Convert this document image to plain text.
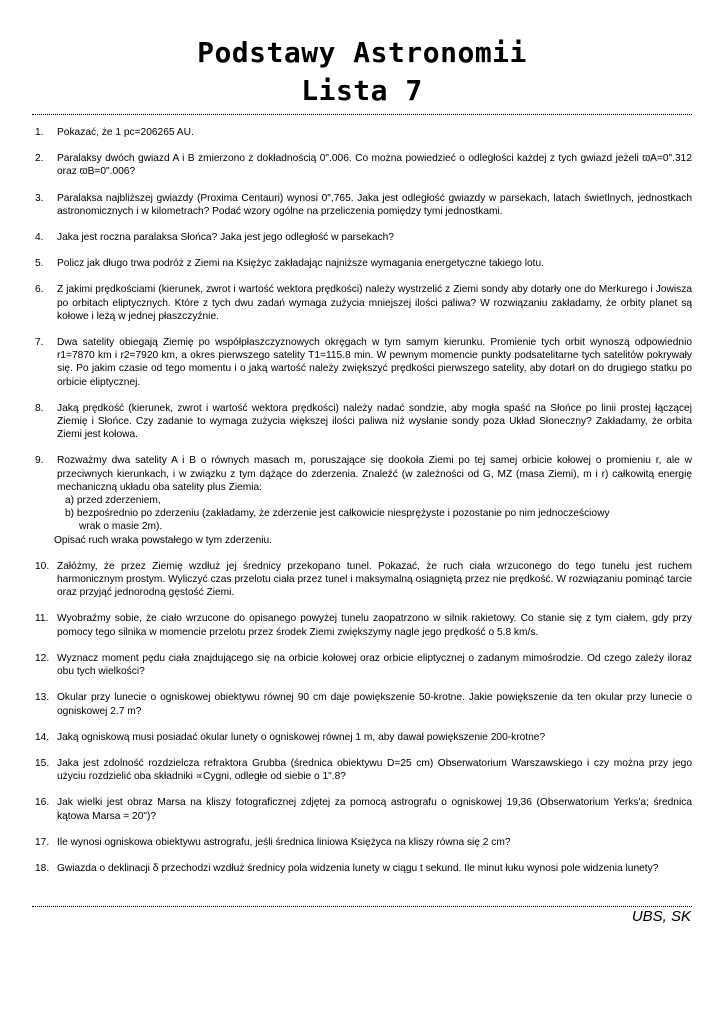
Podstawy Astronomii
Lista 7
1. Pokazać, że 1 pc=206265 AU.
2. Paralaksy dwóch gwiazd A i B zmierzono z dokładnością 0".006. Co można powiedzieć o odległości każdej z tych gwiazd jeżeli ϖA=0".312 oraz ϖB=0".006?
3. Paralaksa najbliższej gwiazdy (Proxima Centauri) wynosi 0",765. Jaka jest odległość gwiazdy w parsekach, latach świetlnych, jednostkach astronomicznych i w kilometrach? Podać wzory ogólne na przeliczenia pomiędzy tymi jednostkami.
4. Jaka jest roczna paralaksa Słońca? Jaka jest jego odległość w parsekach?
5. Policz jak długo trwa podróż z Ziemi na Księżyc zakładając najniższe wymagania energetyczne takiego lotu.
6. Z jakimi prędkościami (kierunek, zwrot i wartość wektora prędkości) należy wystrzelić z Ziemi sondy aby dotarły one do Merkurego i Jowisza po orbitach eliptycznych. Które z tych dwu zadań wymaga zużycia mniejszej ilości paliwa? W rozwiązaniu zakładamy, że orbity planet są kołowe i leżą w jednej płaszczyźnie.
7. Dwa satelity obiegają Ziemię po współpłaszczyznowych okręgach w tym samym kierunku. Promienie tych orbit wynoszą odpowiednio r1=7870 km i r2=7920 km, a okres pierwszego satelity T1=115.8 min. W pewnym momencie punkty podsatelitarne tych satelitów pokrywały się. Po jakim czasie od tego momentu i o jaką wartość należy zwiększyć prędkości pierwszego satelity, aby dotarł on do drugiego statku po orbicie eliptycznej.
8. Jaką prędkość (kierunek, zwrot i wartość wektora prędkości) należy nadać sondzie, aby mogła spaść na Słońce po linii prostej łączącej Ziemię i Słońce. Czy zadanie to wymaga zużycia większej ilości paliwa niż wysłanie sondy poza Układ Słoneczny? Zakładamy, że orbita Ziemi jest kołowa.
9. Rozważmy dwa satelity A i B o równych masach m, poruszające się dookoła Ziemi po tej samej orbicie kołowej o promieniu r, ale w przeciwnych kierunkach, i w związku z tym dążące do zderzenia. Znaleźć (w zależności od G, MZ (masa Ziemi), m i r) całkowitą energię mechaniczną układu oba satelity plus Ziemia:
a) przed zderzeniem,
b) bezpośrednio po zderzeniu (zakładamy, że zderzenie jest całkowicie niesprężyste i pozostanie po nim jednocześciowy
wrak o masie 2m).
Opisać ruch wraka powstałego w tym zderzeniu.
10. Załóżmy, że przez Ziemię wzdłuż jej średnicy przekopano tunel. Pokazać, że ruch ciała wrzuconego do tego tunelu jest ruchem harmonicznym prostym. Wyliczyć czas przelotu ciała przez tunel i maksymalną osiągniętą przez nie prędkość. W rozwiązaniu pominąć tarcie oraz przyjąć jednorodną gęstość Ziemi.
11. Wyobraźmy sobie, że ciało wrzucone do opisanego powyżej tunelu zaopatrzono w silnik rakietowy. Co stanie się z tym ciałem, gdy przy pomocy tego silnika w momencie przelotu przez środek Ziemi zwiększymy nagle jego prędkość o 5.8 km/s.
12. Wyznacz moment pędu ciała znajdującego się na orbicie kołowej oraz orbicie eliptycznej o zadanym mimośrodzie. Od czego zależy iloraz obu tych wielkości?
13. Okular przy lunecie o ogniskowej obiektywu równej 90 cm daje powiększenie 50-krotne. Jakie powiększenie da ten okular przy lunecie o ogniskowej 2.7 m?
14. Jaką ogniskową musi posiadać okular lunety o ogniskowej równej 1 m, aby dawał powiększenie 200-krotne?
15. Jaka jest zdolność rozdzielcza refraktora Grubba (średnica obiektywu D=25 cm) Obserwatorium Warszawskiego i czy można przy jego użyciu rozdzielić oba składniki ∝Cygni, odległe od siebie o 1".8?
16. Jak wielki jest obraz Marsa na kliszy fotograficznej zdjętej za pomocą astrografu o ogniskowej 19,36 (Obserwatorium Yerks'a; średnica kątowa Marsa = 20")?
17. Ile wynosi ogniskowa obiektywu astrografu, jeśli średnica liniowa Księżyca na kliszy równa się 2 cm?
18. Gwiazda o deklinacji δ przechodzi wzdłuż średnicy pola widzenia lunety w ciągu t sekund. Ile minut łuku wynosi pole widzenia lunety?
UBS, SK
